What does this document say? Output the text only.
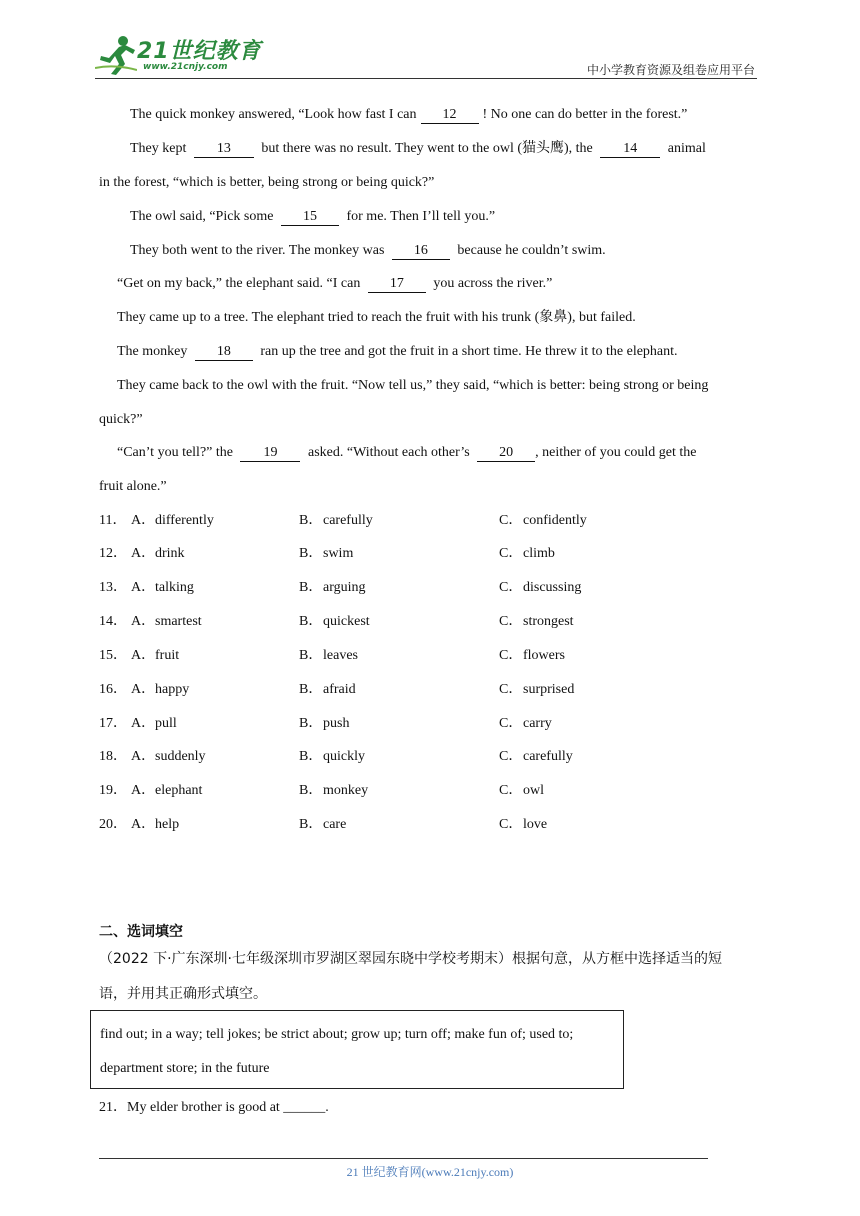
21世纪教育
www.21cnjy.com	中小学教育资源及组卷应用平台
The quick monkey answered, “Look how fast I can 12 ! No one can do better in the forest.”
They kept 13 but there was no result. They went to the owl (猫头鹰), the 14 animal
in the forest, “which is better, being strong or being quick?”
The owl said, “Pick some 15 for me. Then I’ll tell you.”
They both went to the river. The monkey was 16 because he couldn’t swim.
“Get on my back,” the elephant said. “I can 17 you across the river.”
They came up to a tree. The elephant tried to reach the fruit with his trunk (象鼻), but failed.
The monkey 18 ran up the tree and got the fruit in a short time. He threw it to the elephant.
They came back to the owl with the fruit. “Now tell us,” they said, “which is better: being strong or being
quick?”
“Can’t you tell?” the 19 asked. “Without each other’s 20 , neither of you could get the
fruit alone.”
11． A．differently	B．carefully	C．confidently
12． A．drink	B．swim	C．climb
13． A．talking	B．arguing	C．discussing
14． A．smartest	B．quickest	C．strongest
15． A．fruit	B．leaves	C．flowers
16． A．happy	B．afraid	C．surprised
17． A．pull	B．push	C．carry
18． A．suddenly	B．quickly	C．carefully
19． A．elephant	B．monkey	C．owl
20． A．help	B．care	C．love
二、选词填空
（2022 下·广东深圳·七年级深圳市罗湖区翠园东晓中学校考期末）根据句意，从方框中选择适当的短
语，并用其正确形式填空。
find out; in a way; tell jokes; be strict about; grow up; turn off; make fun of; used to;
department store; in the future
21．My elder brother is good at ______.
21 世纪教育网(www.21cnjy.com)
